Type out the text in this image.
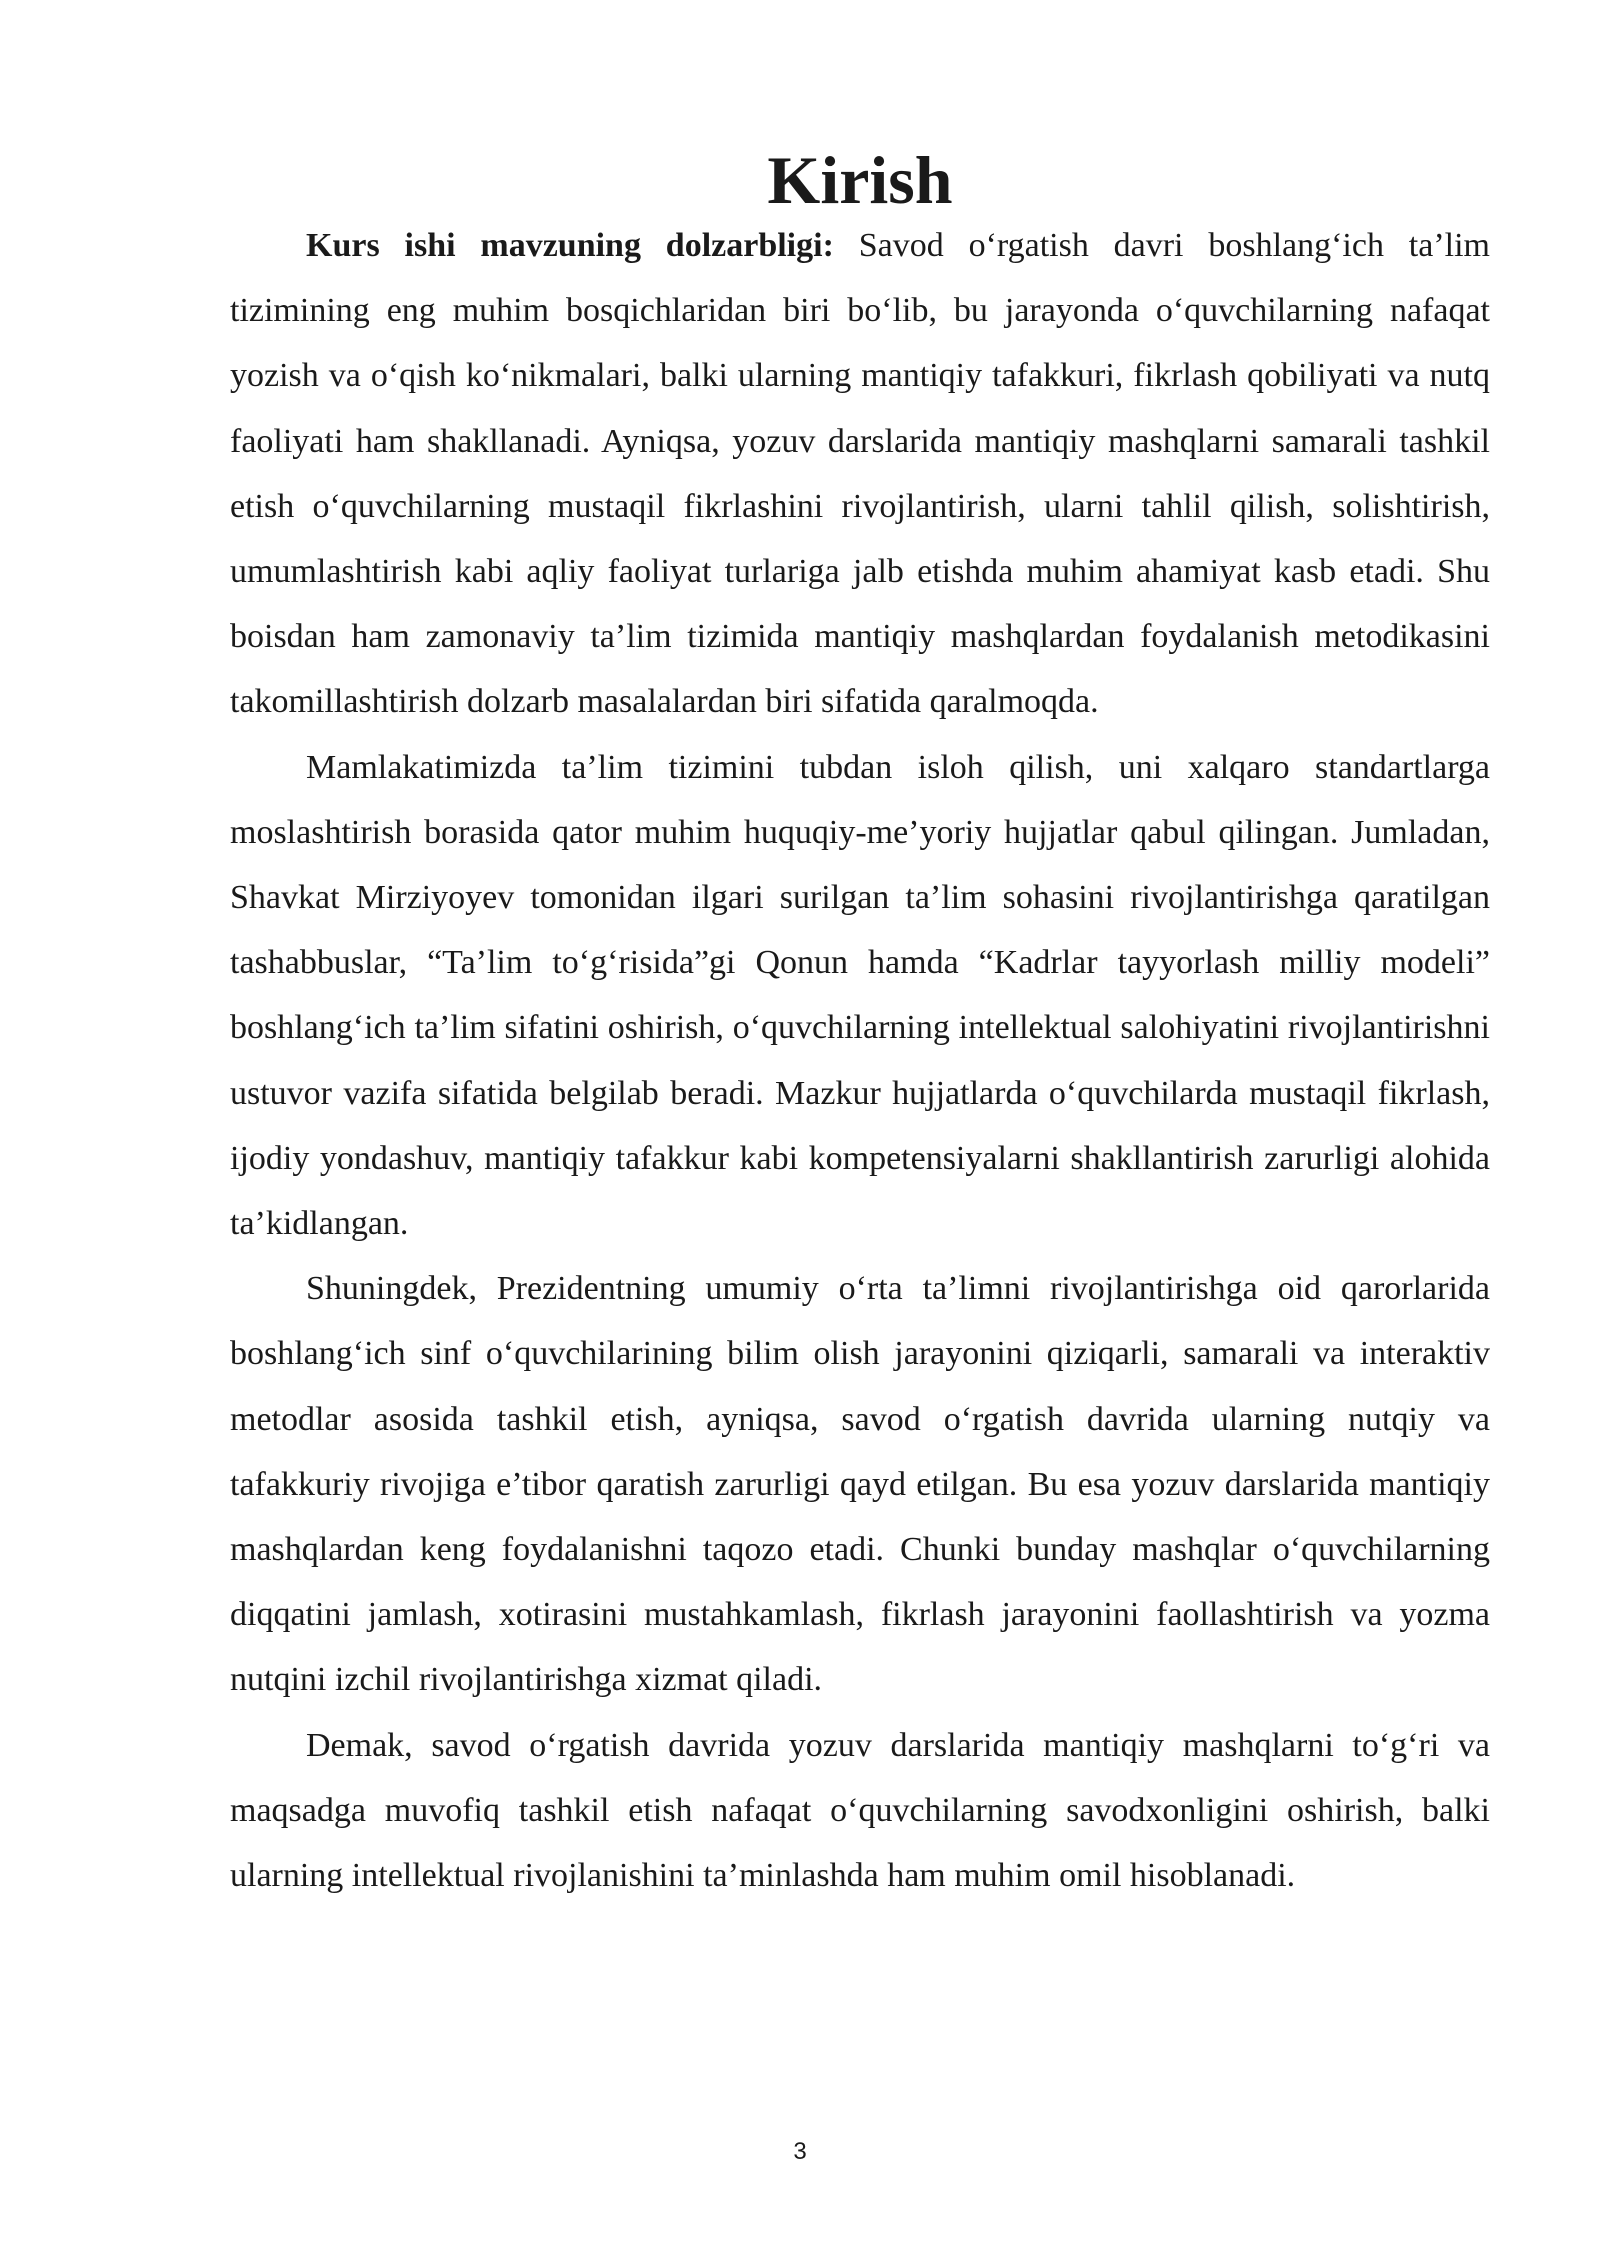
Kirish

Kurs ishi mavzuning dolzarbligi: Savod o‘rgatish davri boshlang‘ich ta’lim tizimining eng muhim bosqichlaridan biri bo‘lib, bu jarayonda o‘quvchilarning nafaqat yozish va o‘qish ko‘nikmalari, balki ularning mantiqiy tafakkuri, fikrlash qobiliyati va nutq faoliyati ham shakllanadi. Ayniqsa, yozuv darslarida mantiqiy mashqlarni samarali tashkil etish o‘quvchilarning mustaqil fikrlashini rivojlantirish, ularni tahlil qilish, solishtirish, umumlashtirish kabi aqliy faoliyat turlariga jalb etishda muhim ahamiyat kasb etadi. Shu boisdan ham zamonaviy ta’lim tizimida mantiqiy mashqlardan foydalanish metodikasini takomillashtirish dolzarb masalalardan biri sifatida qaralmoqda.

Mamlakatimizda ta’lim tizimini tubdan isloh qilish, uni xalqaro standartlarga moslashtirish borasida qator muhim huquqiy-me’yoriy hujjatlar qabul qilingan. Jumladan, Shavkat Mirziyoyev tomonidan ilgari surilgan ta’lim sohasini rivojlantirishga qaratilgan tashabbuslar, “Ta’lim to‘g‘risida”gi Qonun hamda “Kadrlar tayyorlash milliy modeli” boshlang‘ich ta’lim sifatini oshirish, o‘quvchilarning intellektual salohiyatini rivojlantirishni ustuvor vazifa sifatida belgilab beradi. Mazkur hujjatlarda o‘quvchilarda mustaqil fikrlash, ijodiy yondashuv, mantiqiy tafakkur kabi kompetensiyalarni shakllantirish zarurligi alohida ta’kidlangan.

Shuningdek, Prezidentning umumiy o‘rta ta’limni rivojlantirishga oid qarorlarida boshlang‘ich sinf o‘quvchilarining bilim olish jarayonini qiziqarli, samarali va interaktiv metodlar asosida tashkil etish, ayniqsa, savod o‘rgatish davrida ularning nutqiy va tafakkuriy rivojiga e’tibor qaratish zarurligi qayd etilgan. Bu esa yozuv darslarida mantiqiy mashqlardan keng foydalanishni taqozo etadi. Chunki bunday mashqlar o‘quvchilarning diqqatini jamlash, xotirasini mustahkamlash, fikrlash jarayonini faollashtirish va yozma nutqini izchil rivojlantirishga xizmat qiladi.

Demak, savod o‘rgatish davrida yozuv darslarida mantiqiy mashqlarni to‘g‘ri va maqsadga muvofiq tashkil etish nafaqat o‘quvchilarning savodxonligini oshirish, balki ularning intellektual rivojlanishini ta’minlashda ham muhim omil hisoblanadi.

3
